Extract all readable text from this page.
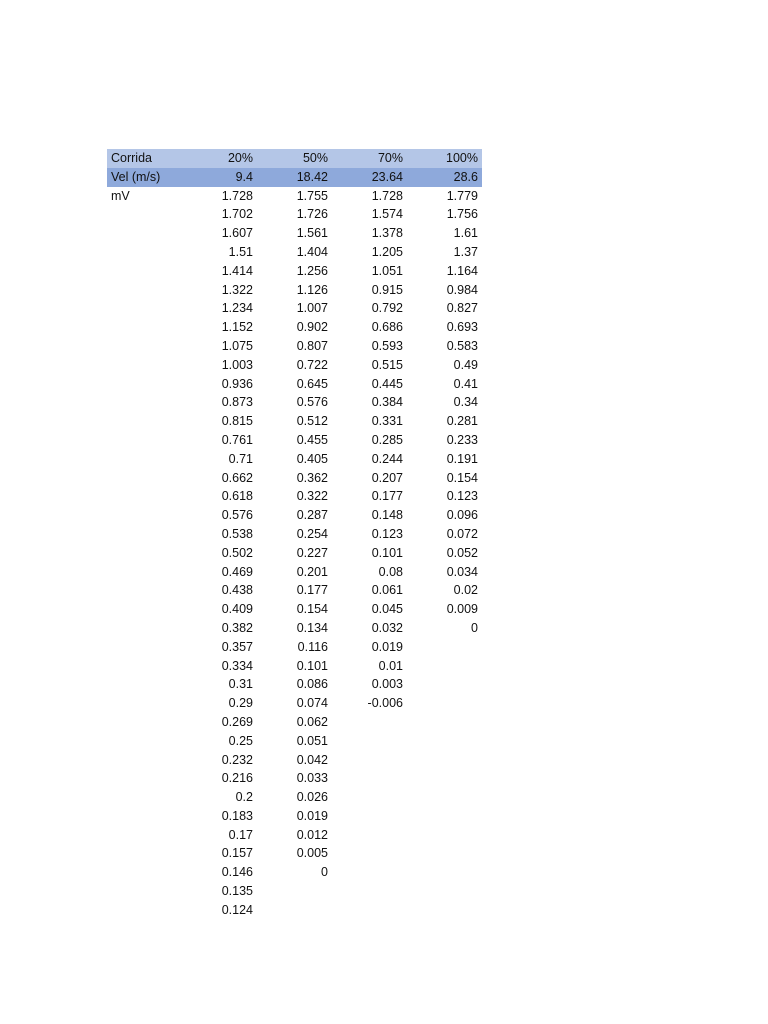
Corrida	20%	50%	70%	100%
Vel (m/s)	9.4	18.42	23.64	28.6
mV	1.728	1.755	1.728	1.779
1.702	1.726	1.574	1.756
1.607	1.561	1.378	1.61
1.51	1.404	1.205	1.37
1.414	1.256	1.051	1.164
1.322	1.126	0.915	0.984
1.234	1.007	0.792	0.827
1.152	0.902	0.686	0.693
1.075	0.807	0.593	0.583
1.003	0.722	0.515	0.49
0.936	0.645	0.445	0.41
0.873	0.576	0.384	0.34
0.815	0.512	0.331	0.281
0.761	0.455	0.285	0.233
0.71	0.405	0.244	0.191
0.662	0.362	0.207	0.154
0.618	0.322	0.177	0.123
0.576	0.287	0.148	0.096
0.538	0.254	0.123	0.072
0.502	0.227	0.101	0.052
0.469	0.201	0.08	0.034
0.438	0.177	0.061	0.02
0.409	0.154	0.045	0.009
0.382	0.134	0.032	0
0.357	0.116	0.019
0.334	0.101	0.01
0.31	0.086	0.003
0.29	0.074	-0.006
0.269	0.062
0.25	0.051
0.232	0.042
0.216	0.033
0.2	0.026
0.183	0.019
0.17	0.012
0.157	0.005
0.146	0
0.135
0.124
